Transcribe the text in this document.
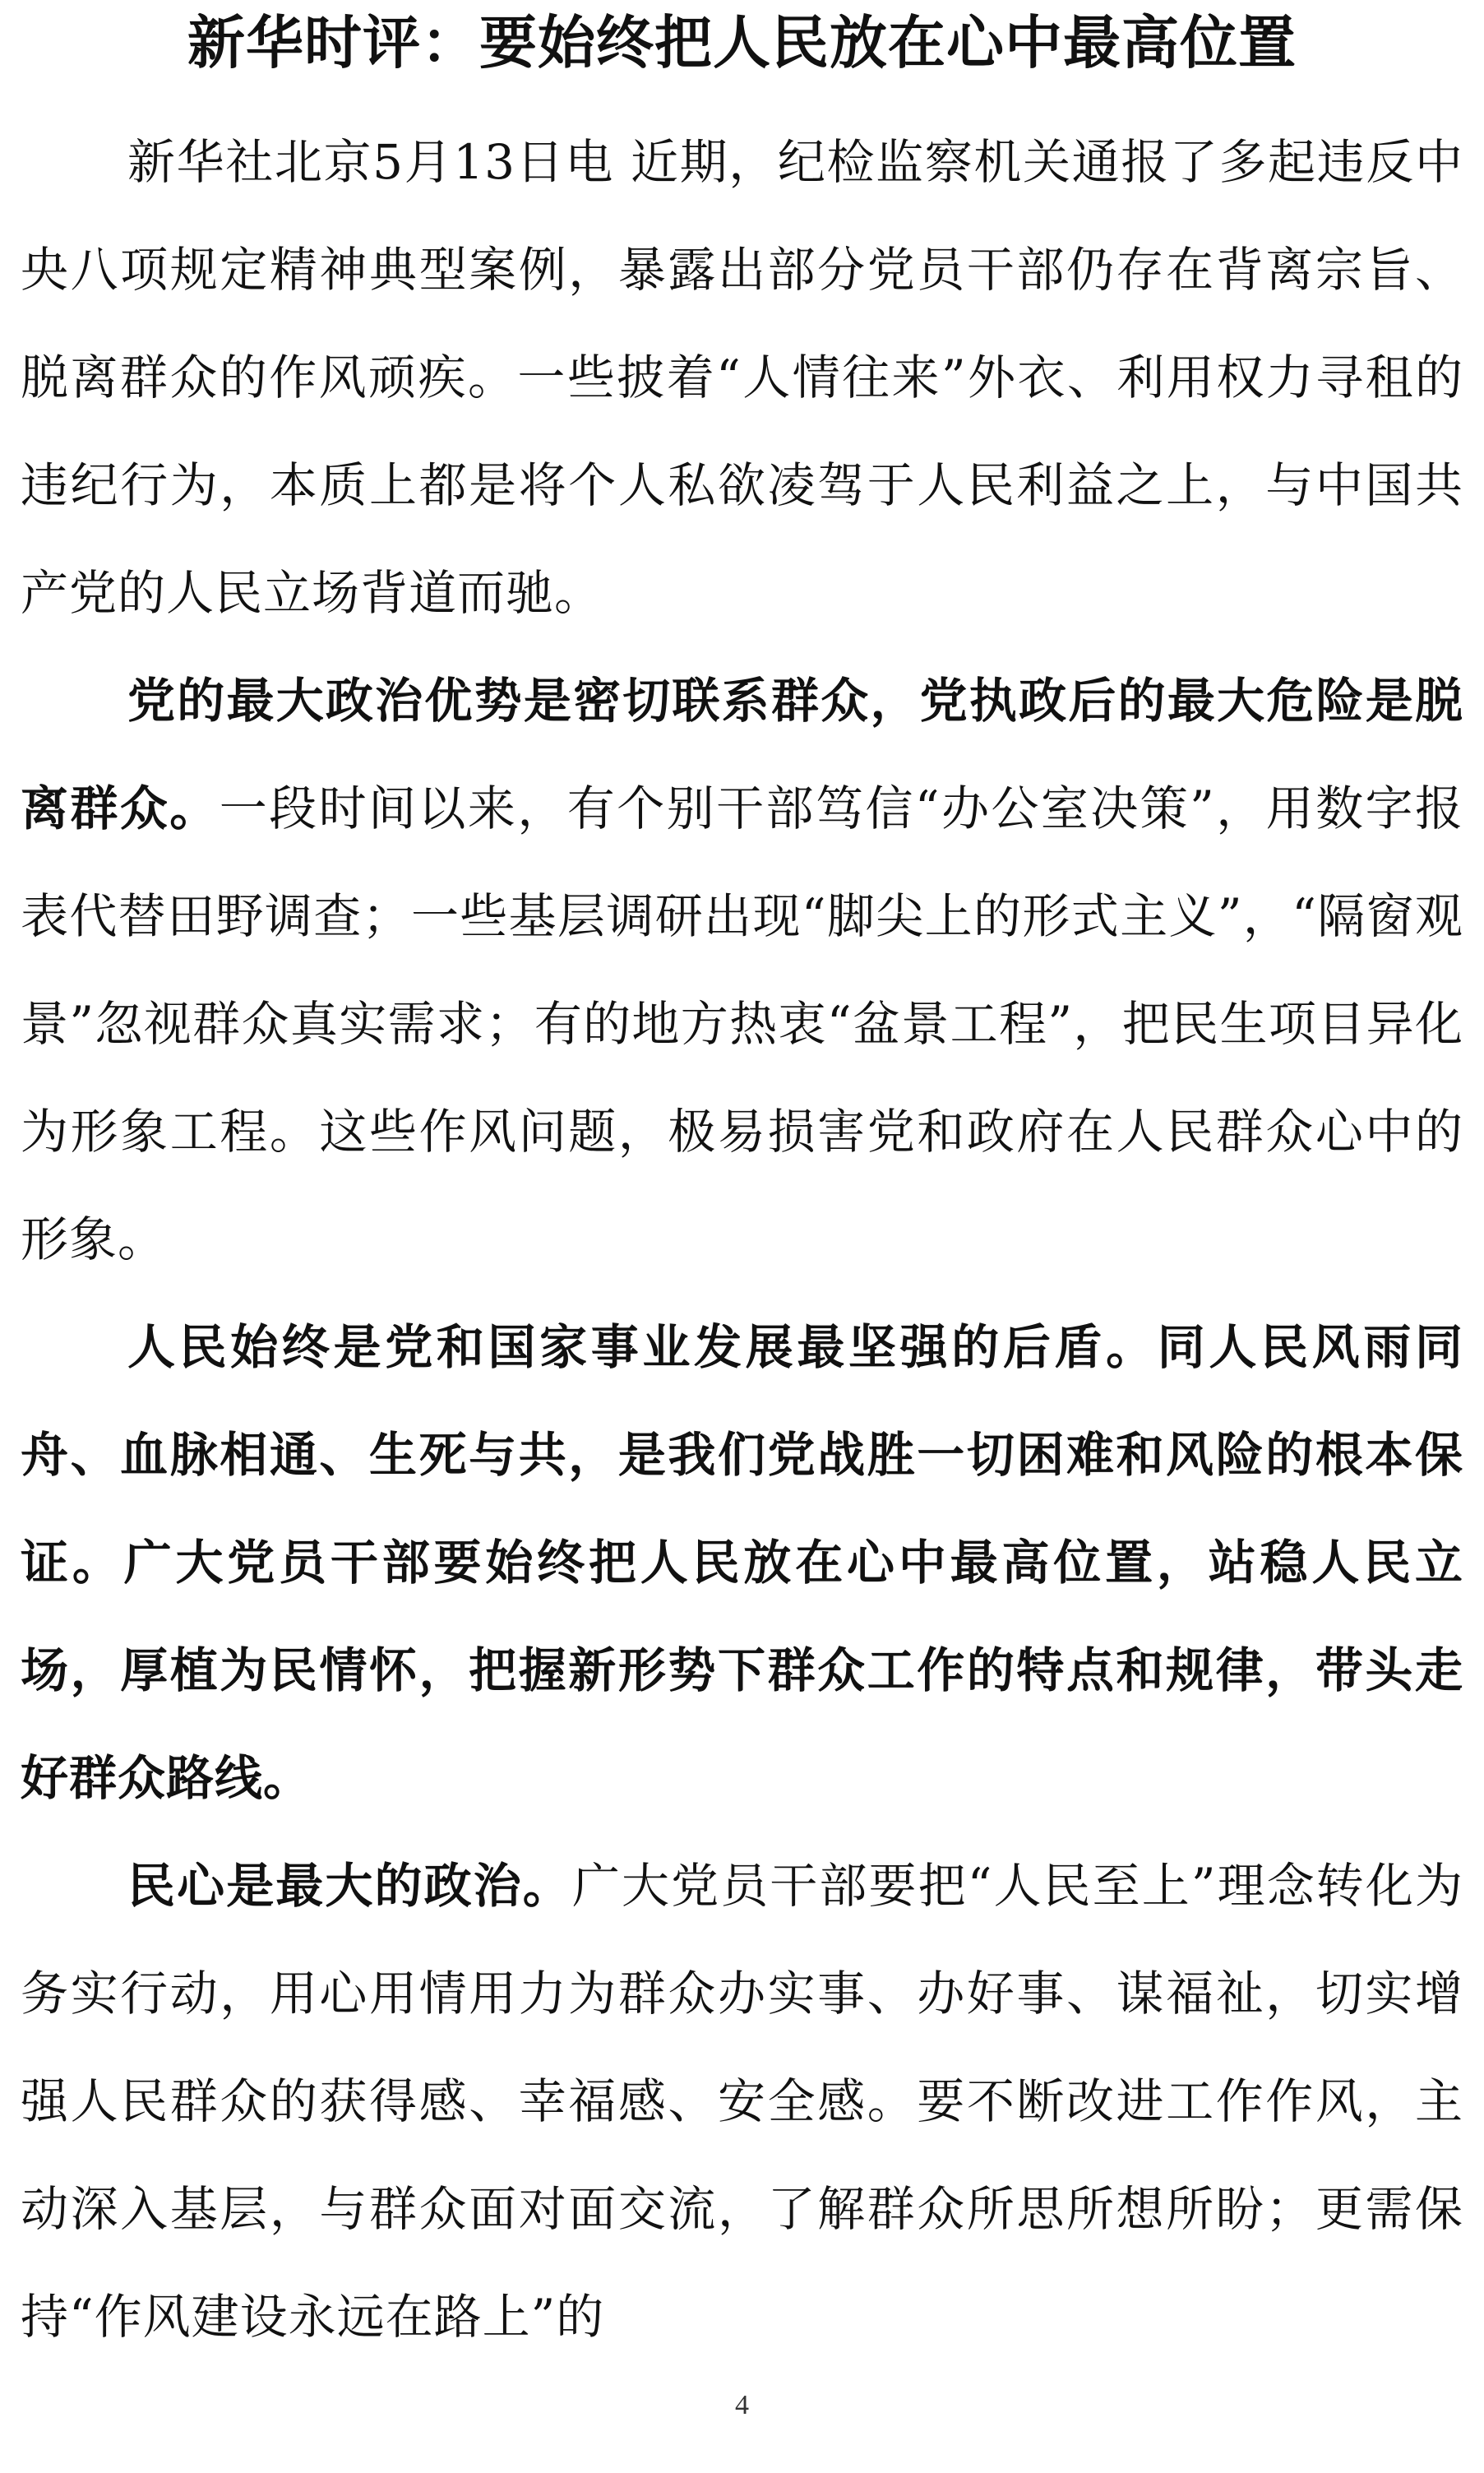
新华时评：要始终把人民放在心中最高位置

新华社北京5月13日电 近期，纪检监察机关通报了多起违反中央八项规定精神典型案例，暴露出部分党员干部仍存在背离宗旨、脱离群众的作风顽疾。一些披着“人情往来”外衣、利用权力寻租的违纪行为，本质上都是将个人私欲凌驾于人民利益之上，与中国共产党的人民立场背道而驰。

党的最大政治优势是密切联系群众，党执政后的最大危险是脱离群众。一段时间以来，有个别干部笃信“办公室决策”，用数字报表代替田野调查；一些基层调研出现“脚尖上的形式主义”，“隔窗观景”忽视群众真实需求；有的地方热衷“盆景工程”，把民生项目异化为形象工程。这些作风问题，极易损害党和政府在人民群众心中的形象。

人民始终是党和国家事业发展最坚强的后盾。同人民风雨同舟、血脉相通、生死与共，是我们党战胜一切困难和风险的根本保证。广大党员干部要始终把人民放在心中最高位置，站稳人民立场，厚植为民情怀，把握新形势下群众工作的特点和规律，带头走好群众路线。

民心是最大的政治。广大党员干部要把“人民至上”理念转化为务实行动，用心用情用力为群众办实事、办好事、谋福祉，切实增强人民群众的获得感、幸福感、安全感。要不断改进工作作风，主动深入基层，与群众面对面交流，了解群众所思所想所盼；更需保持“作风建设永远在路上”的

4
